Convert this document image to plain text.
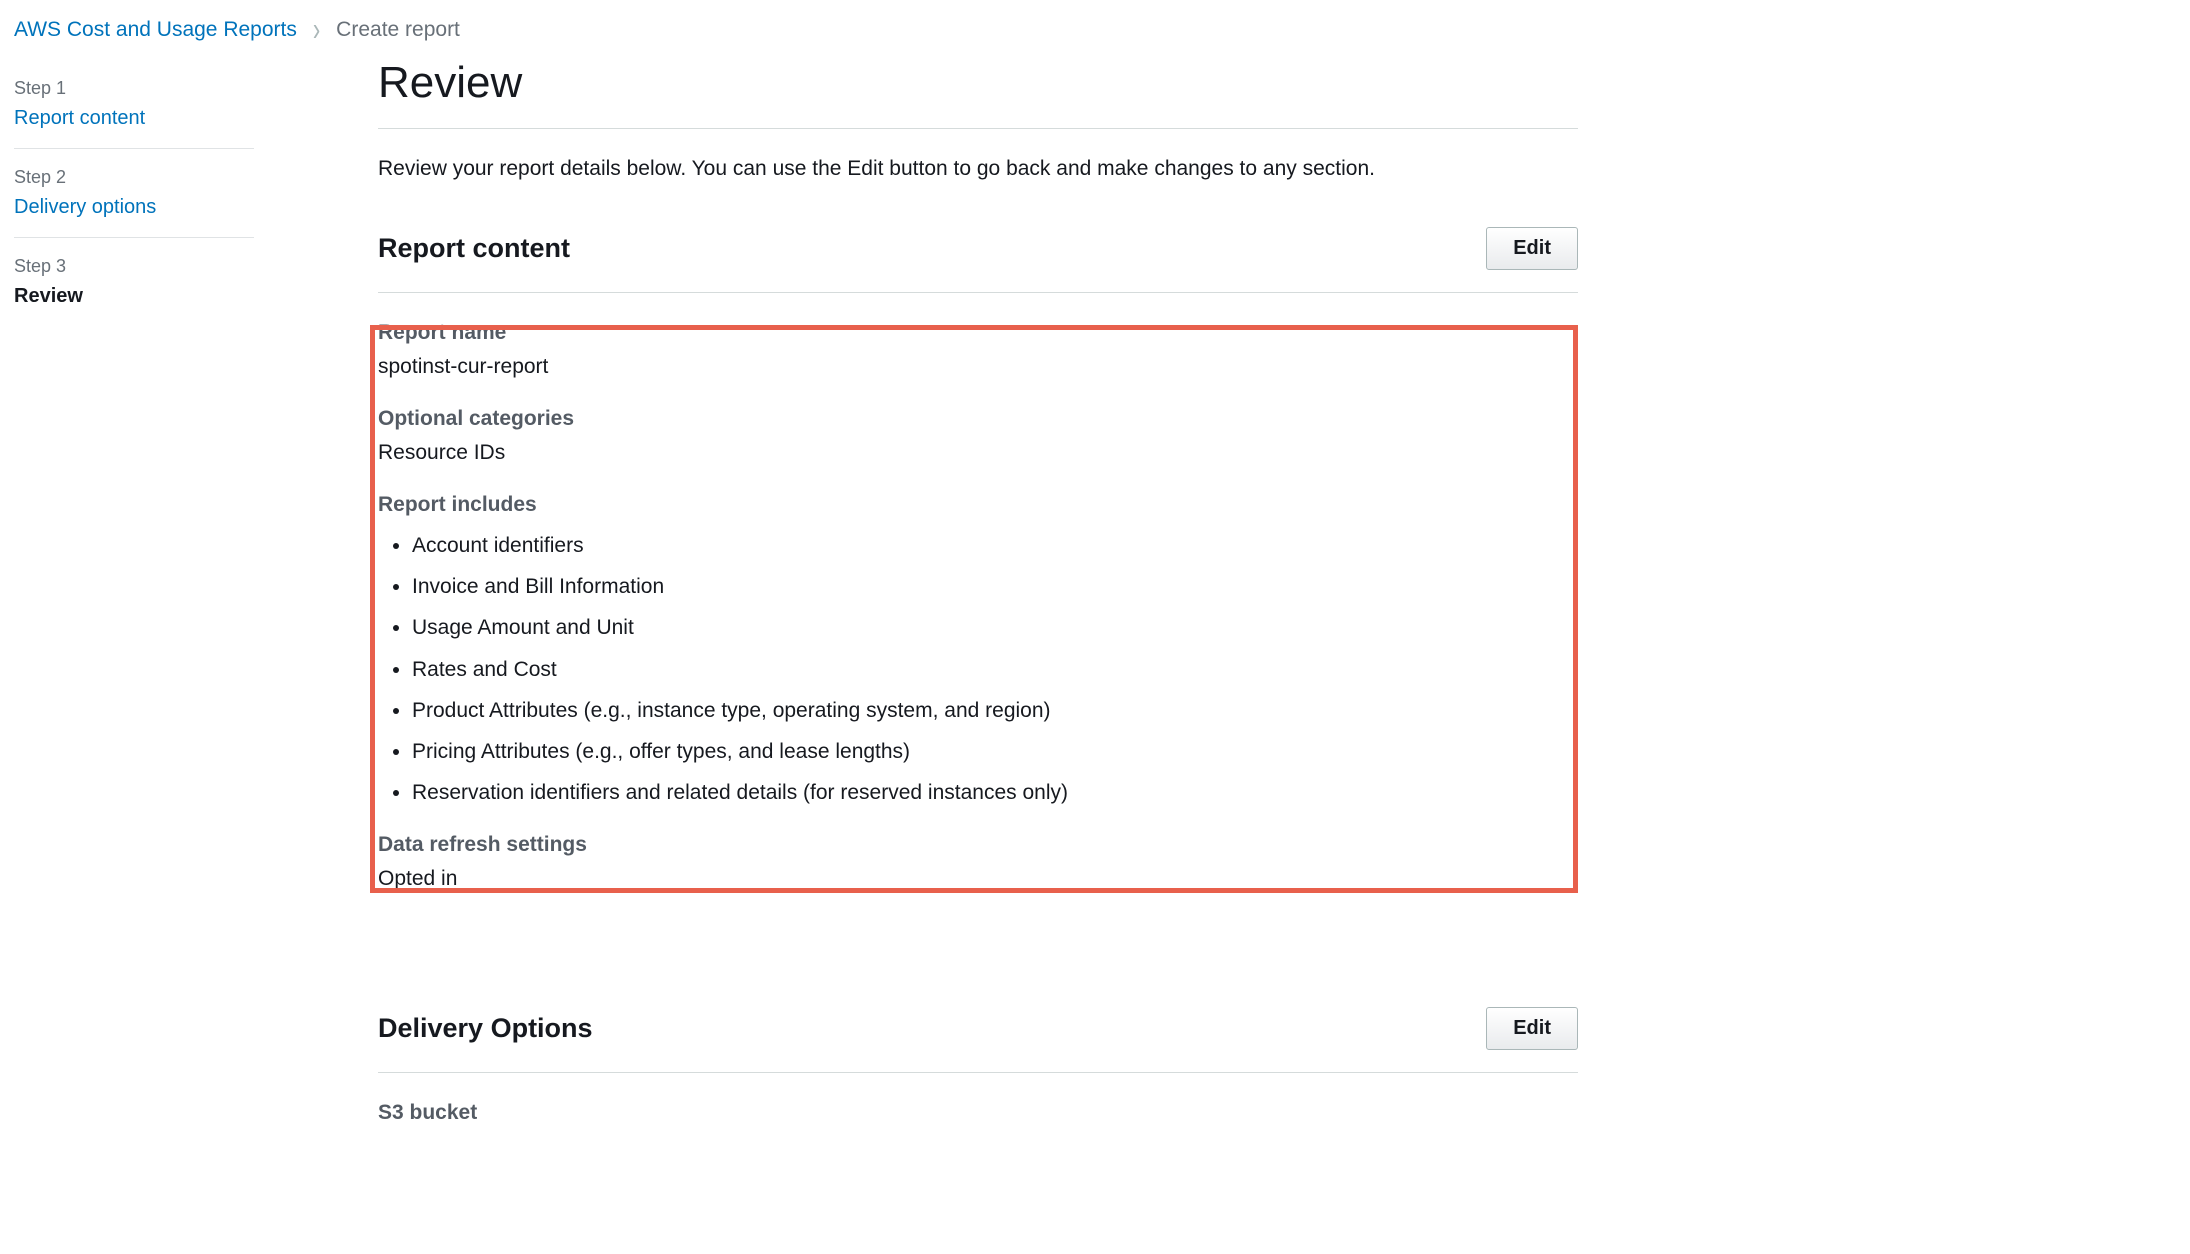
AWS Cost and Usage Reports › Create report
Step 1
Report content
Step 2
Delivery options
Step 3
Review
Review

Review your report details below. You can use the Edit button to go back and make changes to any section.

Report content	Edit
Report name
spotinst-cur-report
Optional categories
Resource IDs
Report includes
• Account identifiers
• Invoice and Bill Information
• Usage Amount and Unit
• Rates and Cost
• Product Attributes (e.g., instance type, operating system, and region)
• Pricing Attributes (e.g., offer types, and lease lengths)
• Reservation identifiers and related details (for reserved instances only)
Data refresh settings
Opted in
Delivery Options	Edit
S3 bucket
